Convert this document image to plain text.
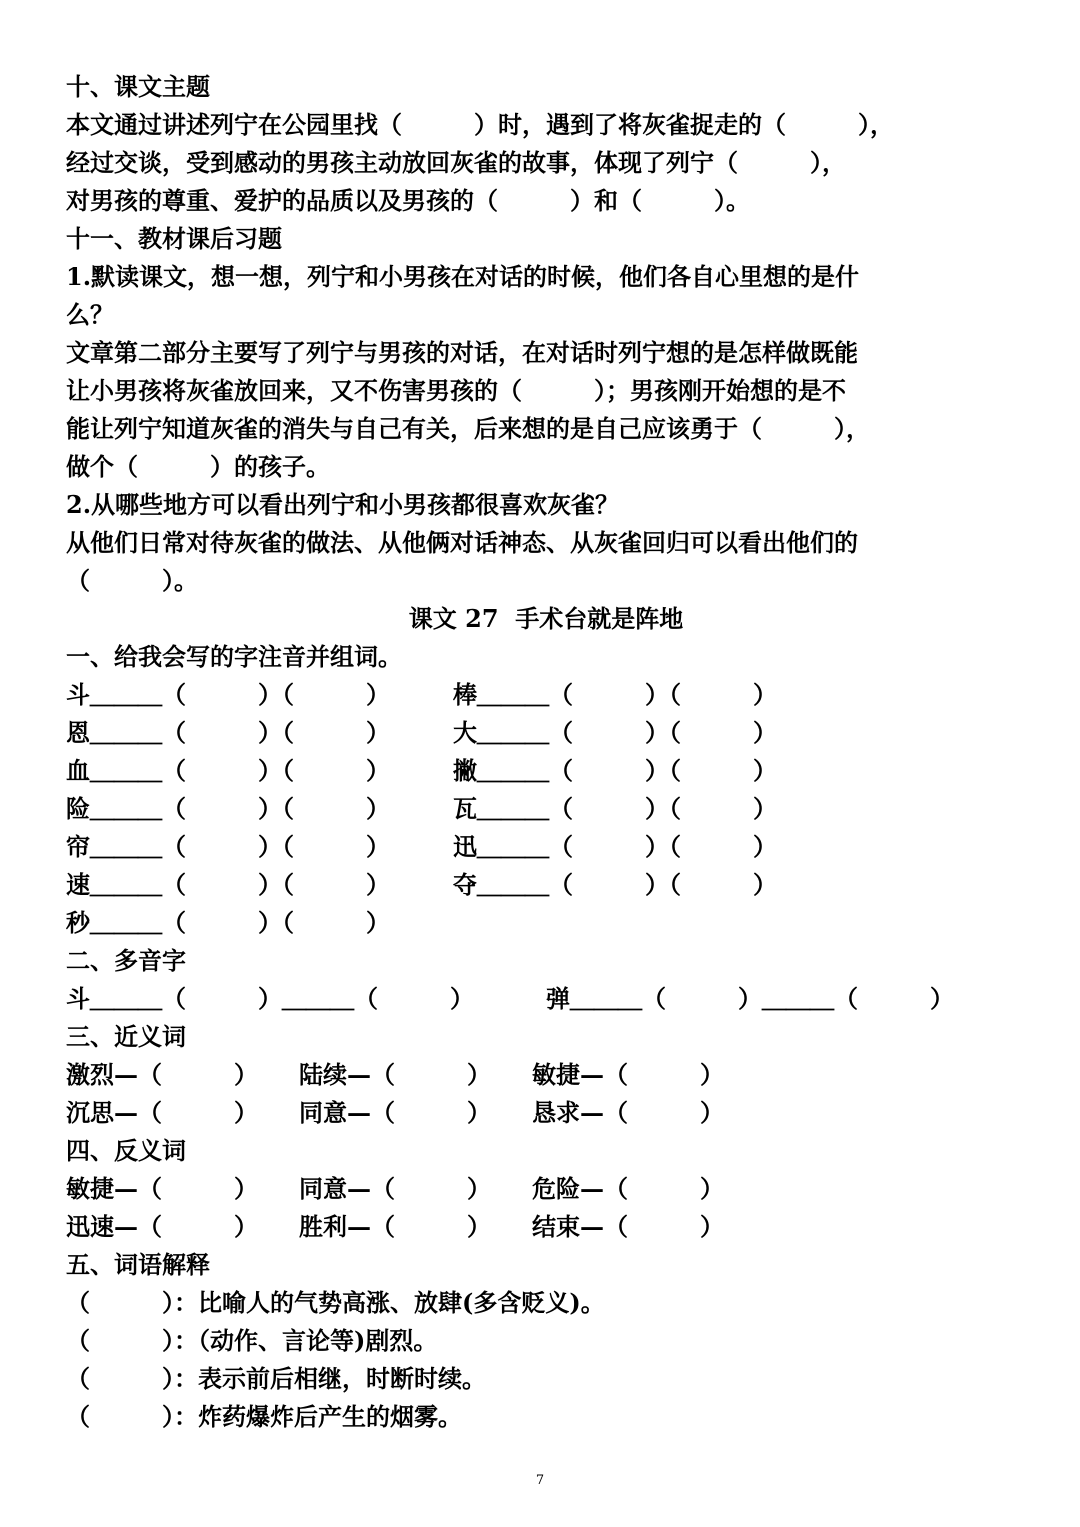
十、课文主题
本文通过讲述列宁在公园里找（　　　）时，遇到了将灰雀捉走的（　　　），
经过交谈，受到感动的男孩主动放回灰雀的故事，体现了列宁（　　　），
对男孩的尊重、爱护的品质以及男孩的（　　　）和（　　　）。
十一、教材课后习题
1.默读课文，想一想，列宁和小男孩在对话的时候，他们各自心里想的是什
么？
文章第二部分主要写了列宁与男孩的对话，在对话时列宁想的是怎样做既能
让小男孩将灰雀放回来，又不伤害男孩的（　　　）；男孩刚开始想的是不
能让列宁知道灰雀的消失与自己有关，后来想的是自己应该勇于（　　　），
做个（　　　）的孩子。
2.从哪些地方可以看出列宁和小男孩都很喜欢灰雀？
从他们日常对待灰雀的做法、从他俩对话神态、从灰雀回归可以看出他们的
（　　　）。
课文 27  手术台就是阵地
一、给我会写的字注音并组词。
斗＿＿＿（　　　）（　　　）	棒＿＿＿（　　　）（　　　）
恩＿＿＿（　　　）（　　　）	大＿＿＿（　　　）（　　　）
血＿＿＿（　　　）（　　　）	撇＿＿＿（　　　）（　　　）
险＿＿＿（　　　）（　　　）	瓦＿＿＿（　　　）（　　　）
帘＿＿＿（　　　）（　　　）	迅＿＿＿（　　　）（　　　）
速＿＿＿（　　　）（　　　）	夺＿＿＿（　　　）（　　　）
秒＿＿＿（　　　）（　　　）
二、多音字
斗＿＿＿（　　　）＿＿＿（　　　）	弹＿＿＿（　　　）＿＿＿（　　　）
三、近义词
激烈—（　　　）	陆续—（　　　）	敏捷—（　　　）
沉思—（　　　）	同意—（　　　）	恳求—（　　　）
四、反义词
敏捷—（　　　）	同意—（　　　）	危险—（　　　）
迅速—（　　　）	胜利—（　　　）	结束—（　　　）
五、词语解释
（　　　）：比喻人的气势高涨、放肆(多含贬义)。
（　　　）：（动作、言论等)剧烈。
（　　　）：表示前后相继，时断时续。
（　　　）：炸药爆炸后产生的烟雾。
7
